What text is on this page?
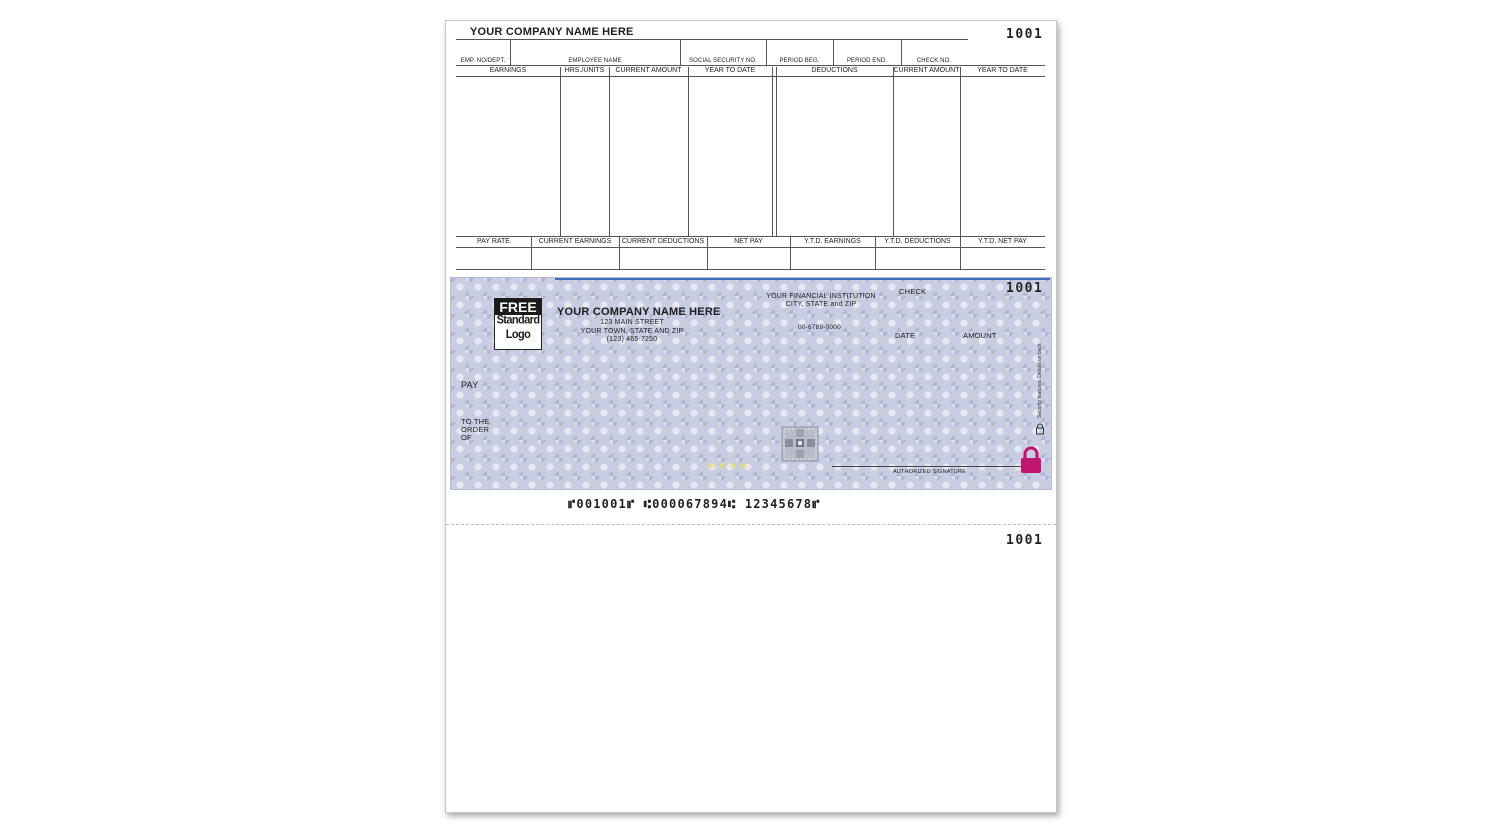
YOUR COMPANY NAME HERE	1001
EMP. NO/DEPT.	EMPLOYEE NAME	SOCIAL SECURITY NO.	PERIOD BEG.	PERIOD END.	CHECK NO.
EARNINGS	HRS./UNITS	CURRENT AMOUNT	YEAR TO DATE	DEDUCTIONS	CURRENT AMOUNT	YEAR TO DATE
PAY RATE	CURRENT EARNINGS	CURRENT DEDUCTIONS	NET PAY	Y.T.D. EARNINGS	Y.T.D. DEDUCTIONS	Y.T.D. NET PAY
FREE
Standard
Logo
YOUR COMPANY NAME HERE
123 MAIN STREET
YOUR TOWN, STATE AND ZIP
(123) 465-7250
YOUR FINANCIAL INSTITUTION
CITY, STATE and ZIP
00-6789-0000
CHECK	1001
DATE	AMOUNT
PAY
TO THE
ORDER
OF
✶✶✶✶	AUTHORIZED SIGNATURE
Security features. Details on back.
⑈001001⑈ ⑆000067894⑆ 12345678⑈
1001
